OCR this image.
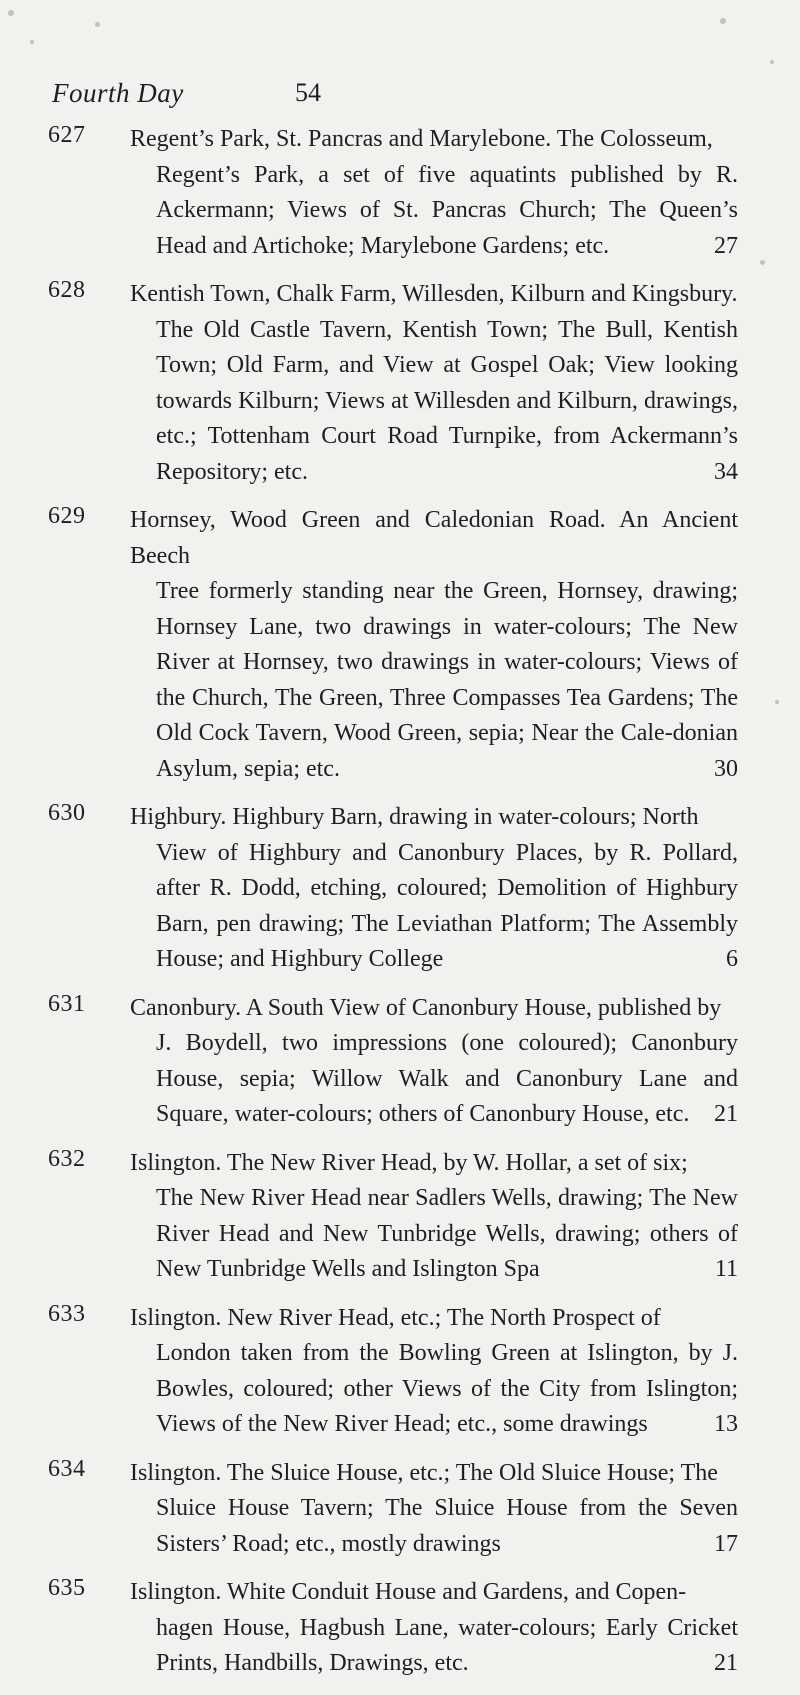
Fourth Day	54
627 Regent’s Park, St. Pancras and Marylebone. The Colosseum,
Regent’s Park, a set of five aquatints published by R. Ackermann; Views of St. Pancras Church; The Queen’s Head and Artichoke; Marylebone Gardens; etc.	27
628 Kentish Town, Chalk Farm, Willesden, Kilburn and Kingsbury.
The Old Castle Tavern, Kentish Town; The Bull, Kentish Town; Old Farm, and View at Gospel Oak; View looking towards Kilburn; Views at Willesden and Kilburn, drawings, etc.; Tottenham Court Road Turnpike, from Ackermann’s Repository; etc.	34
629 Hornsey, Wood Green and Caledonian Road. An Ancient Beech
Tree formerly standing near the Green, Hornsey, drawing; Hornsey Lane, two drawings in water-colours; The New River at Hornsey, two drawings in water-colours; Views of the Church, The Green, Three Compasses Tea Gardens; The Old Cock Tavern, Wood Green, sepia; Near the Cale-donian Asylum, sepia; etc.	30
630 Highbury. Highbury Barn, drawing in water-colours; North
View of Highbury and Canonbury Places, by R. Pollard, after R. Dodd, etching, coloured; Demolition of Highbury Barn, pen drawing; The Leviathan Platform; The Assembly House; and Highbury College	6
631 Canonbury. A South View of Canonbury House, published by
J. Boydell, two impressions (one coloured); Canonbury House, sepia; Willow Walk and Canonbury Lane and Square, water-colours; others of Canonbury House, etc. 21
632 Islington. The New River Head, by W. Hollar, a set of six;
The New River Head near Sadlers Wells, drawing; The New River Head and New Tunbridge Wells, drawing; others of New Tunbridge Wells and Islington Spa	11
633 Islington. New River Head, etc.; The North Prospect of
London taken from the Bowling Green at Islington, by J. Bowles, coloured; other Views of the City from Islington; Views of the New River Head; etc., some drawings	13
634 Islington. The Sluice House, etc.; The Old Sluice House; The
Sluice House Tavern; The Sluice House from the Seven Sisters’ Road; etc., mostly drawings	17
635 Islington. White Conduit House and Gardens, and Copen-
hagen House, Hagbush Lane, water-colours; Early Cricket Prints, Handbills, Drawings, etc.	21
